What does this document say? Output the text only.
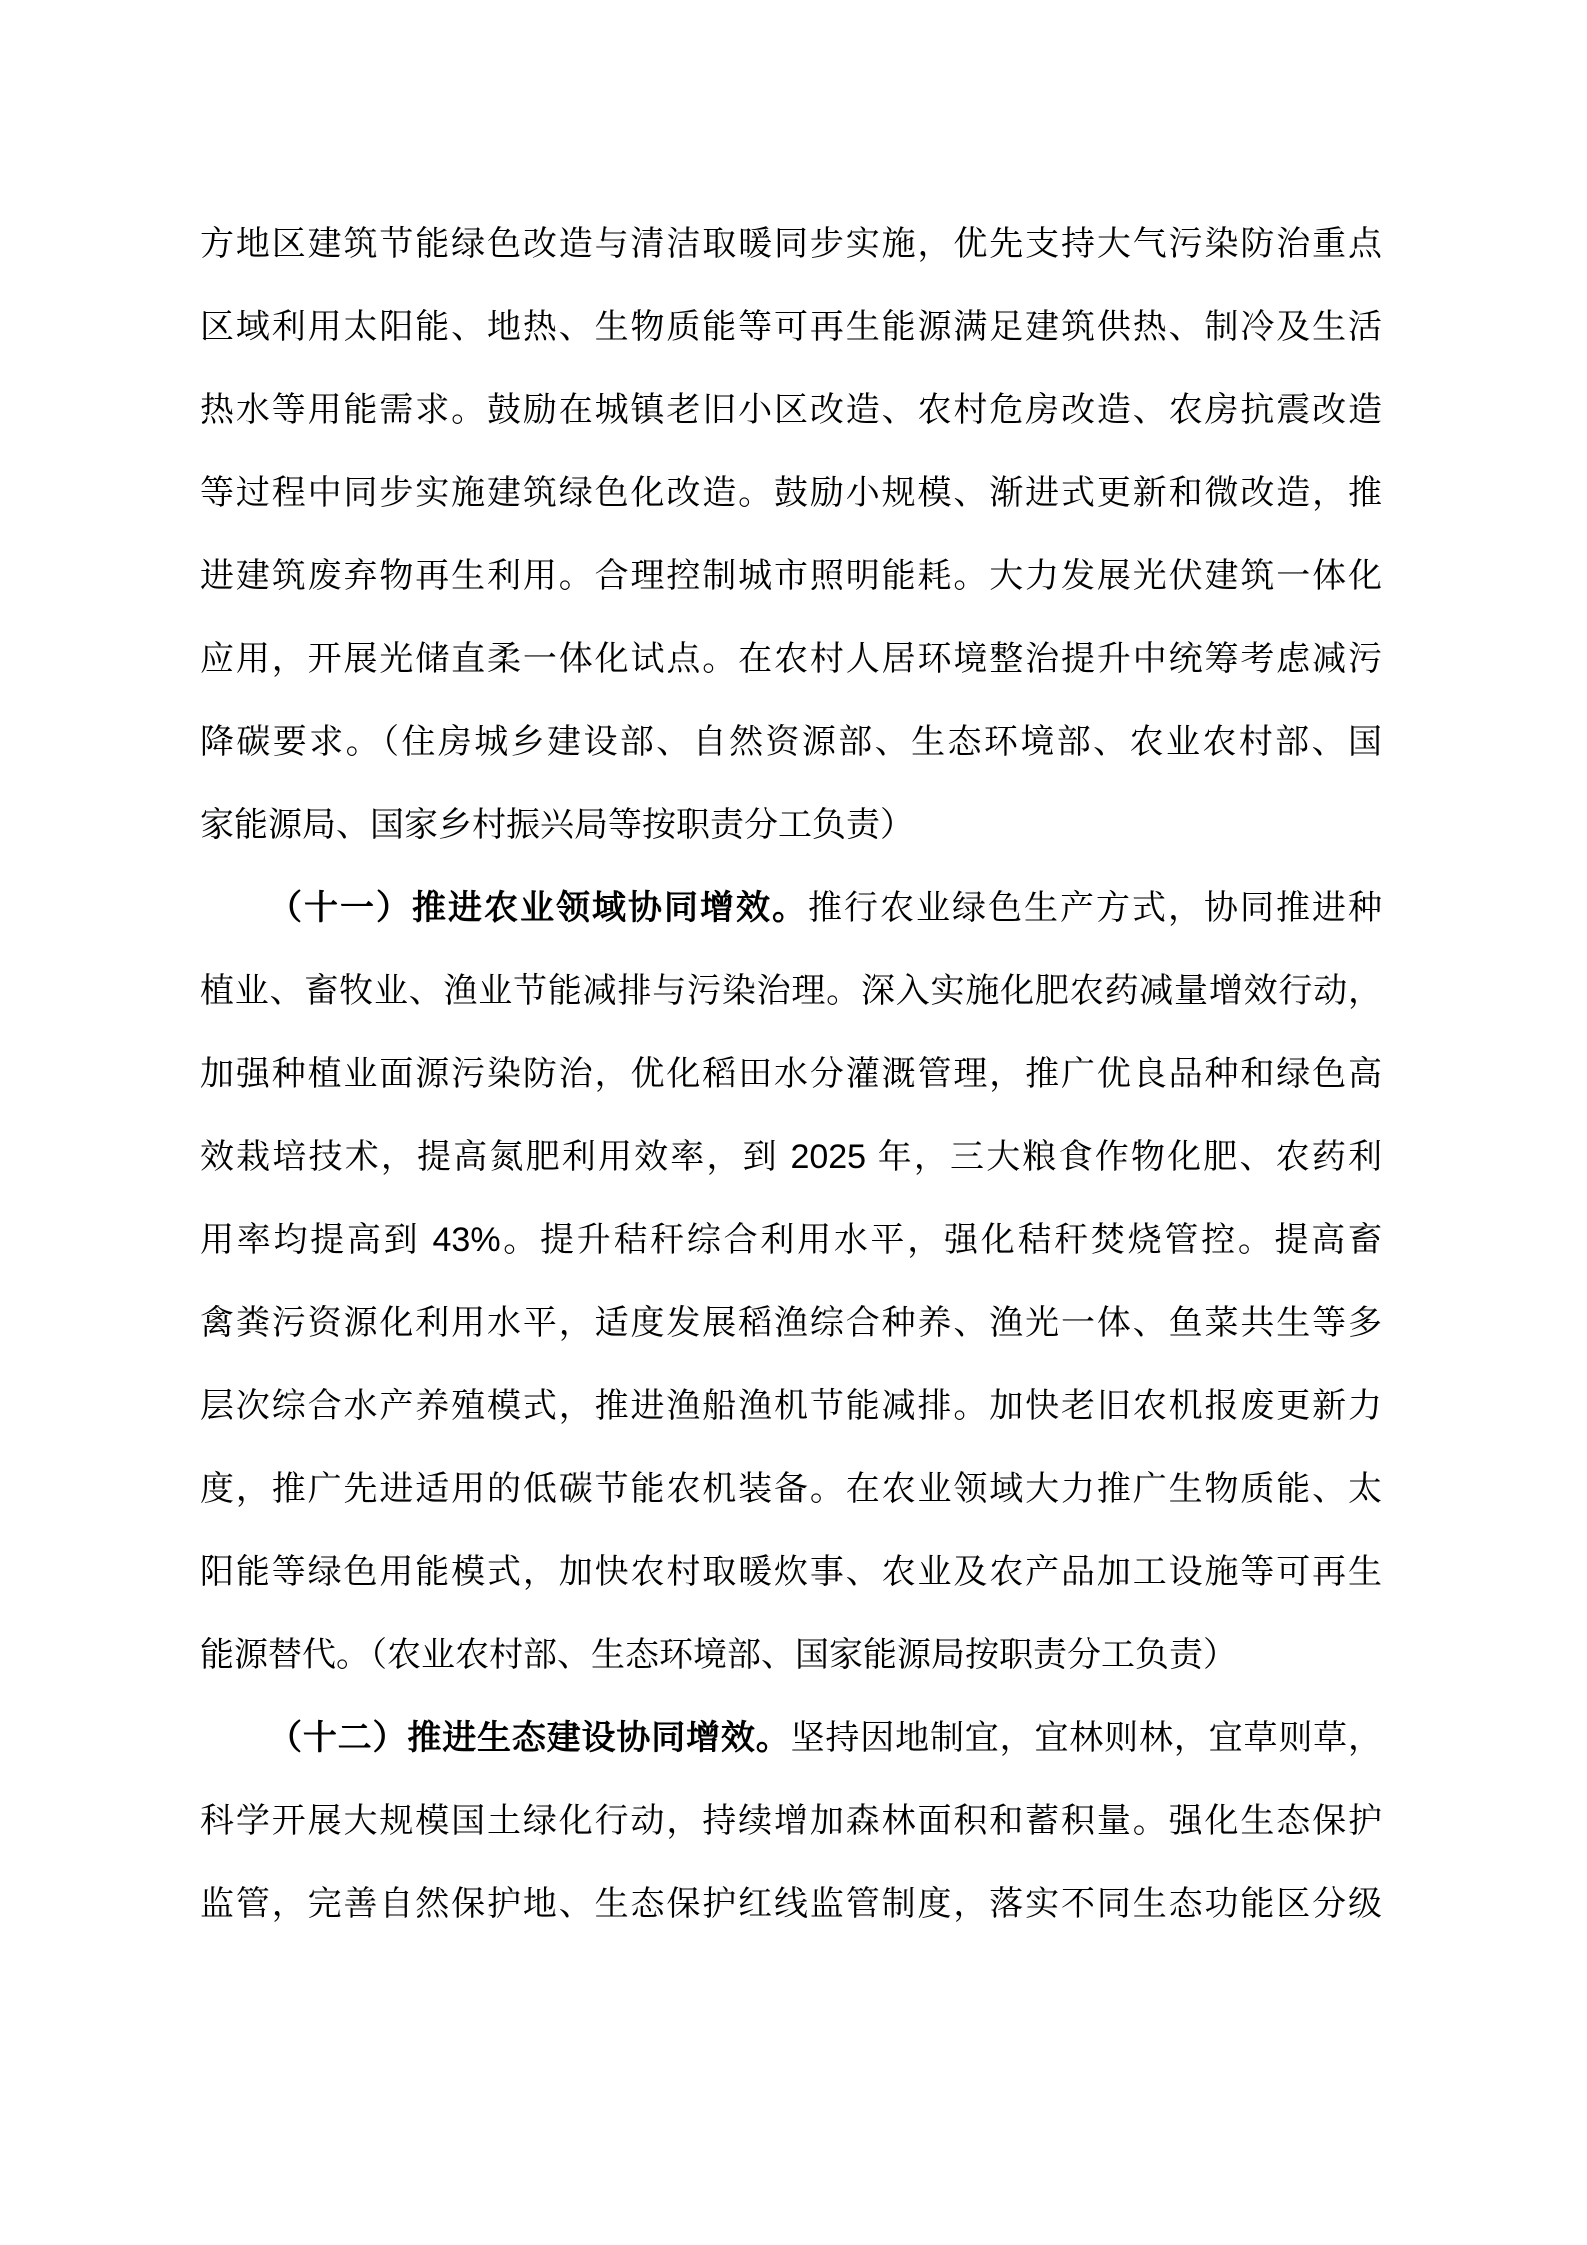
方地区建筑节能绿色改造与清洁取暖同步实施，优先支持大气污染防治重点
区域利用太阳能、地热、生物质能等可再生能源满足建筑供热、制冷及生活
热水等用能需求。鼓励在城镇老旧小区改造、农村危房改造、农房抗震改造
等过程中同步实施建筑绿色化改造。鼓励小规模、渐进式更新和微改造，推
进建筑废弃物再生利用。合理控制城市照明能耗。大力发展光伏建筑一体化
应用，开展光储直柔一体化试点。在农村人居环境整治提升中统筹考虑减污
降碳要求。（住房城乡建设部、自然资源部、生态环境部、农业农村部、国
家能源局、国家乡村振兴局等按职责分工负责）
（十一）推进农业领域协同增效。推行农业绿色生产方式，协同推进种
植业、畜牧业、渔业节能减排与污染治理。深入实施化肥农药减量增效行动，
加强种植业面源污染防治，优化稻田水分灌溉管理，推广优良品种和绿色高
效栽培技术，提高氮肥利用效率，到 2025 年，三大粮食作物化肥、农药利
用率均提高到 43%。提升秸秆综合利用水平，强化秸秆焚烧管控。提高畜
禽粪污资源化利用水平，适度发展稻渔综合种养、渔光一体、鱼菜共生等多
层次综合水产养殖模式，推进渔船渔机节能减排。加快老旧农机报废更新力
度，推广先进适用的低碳节能农机装备。在农业领域大力推广生物质能、太
阳能等绿色用能模式，加快农村取暖炊事、农业及农产品加工设施等可再生
能源替代。（农业农村部、生态环境部、国家能源局按职责分工负责）
（十二）推进生态建设协同增效。坚持因地制宜，宜林则林，宜草则草，
科学开展大规模国土绿化行动，持续增加森林面积和蓄积量。强化生态保护
监管，完善自然保护地、生态保护红线监管制度，落实不同生态功能区分级
